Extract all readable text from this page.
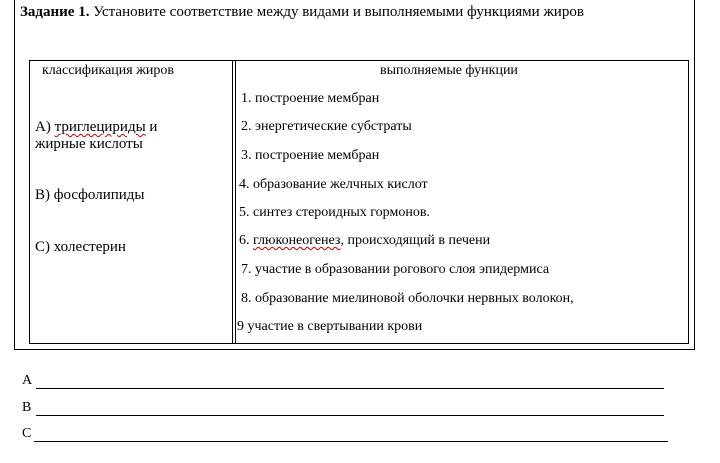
Задание 1. Установите соответствие между видами и выполняемыми функциями жиров
классификация жиров	выполняемые функции
А) триглецириды и
жирные кислоты
В) фосфолипиды
С) холестерин
1. построение мембран
2. энергетические субстраты
3. построение мембран
4. образование желчных кислот
5. синтез стероидных гормонов.
6. глюконеогенез, происходящий в печени
7. участие в образовании рогового слоя эпидермиса
8. образование миелиновой оболочки нервных волокон,
9 участие в свертывании крови
А
В
С
